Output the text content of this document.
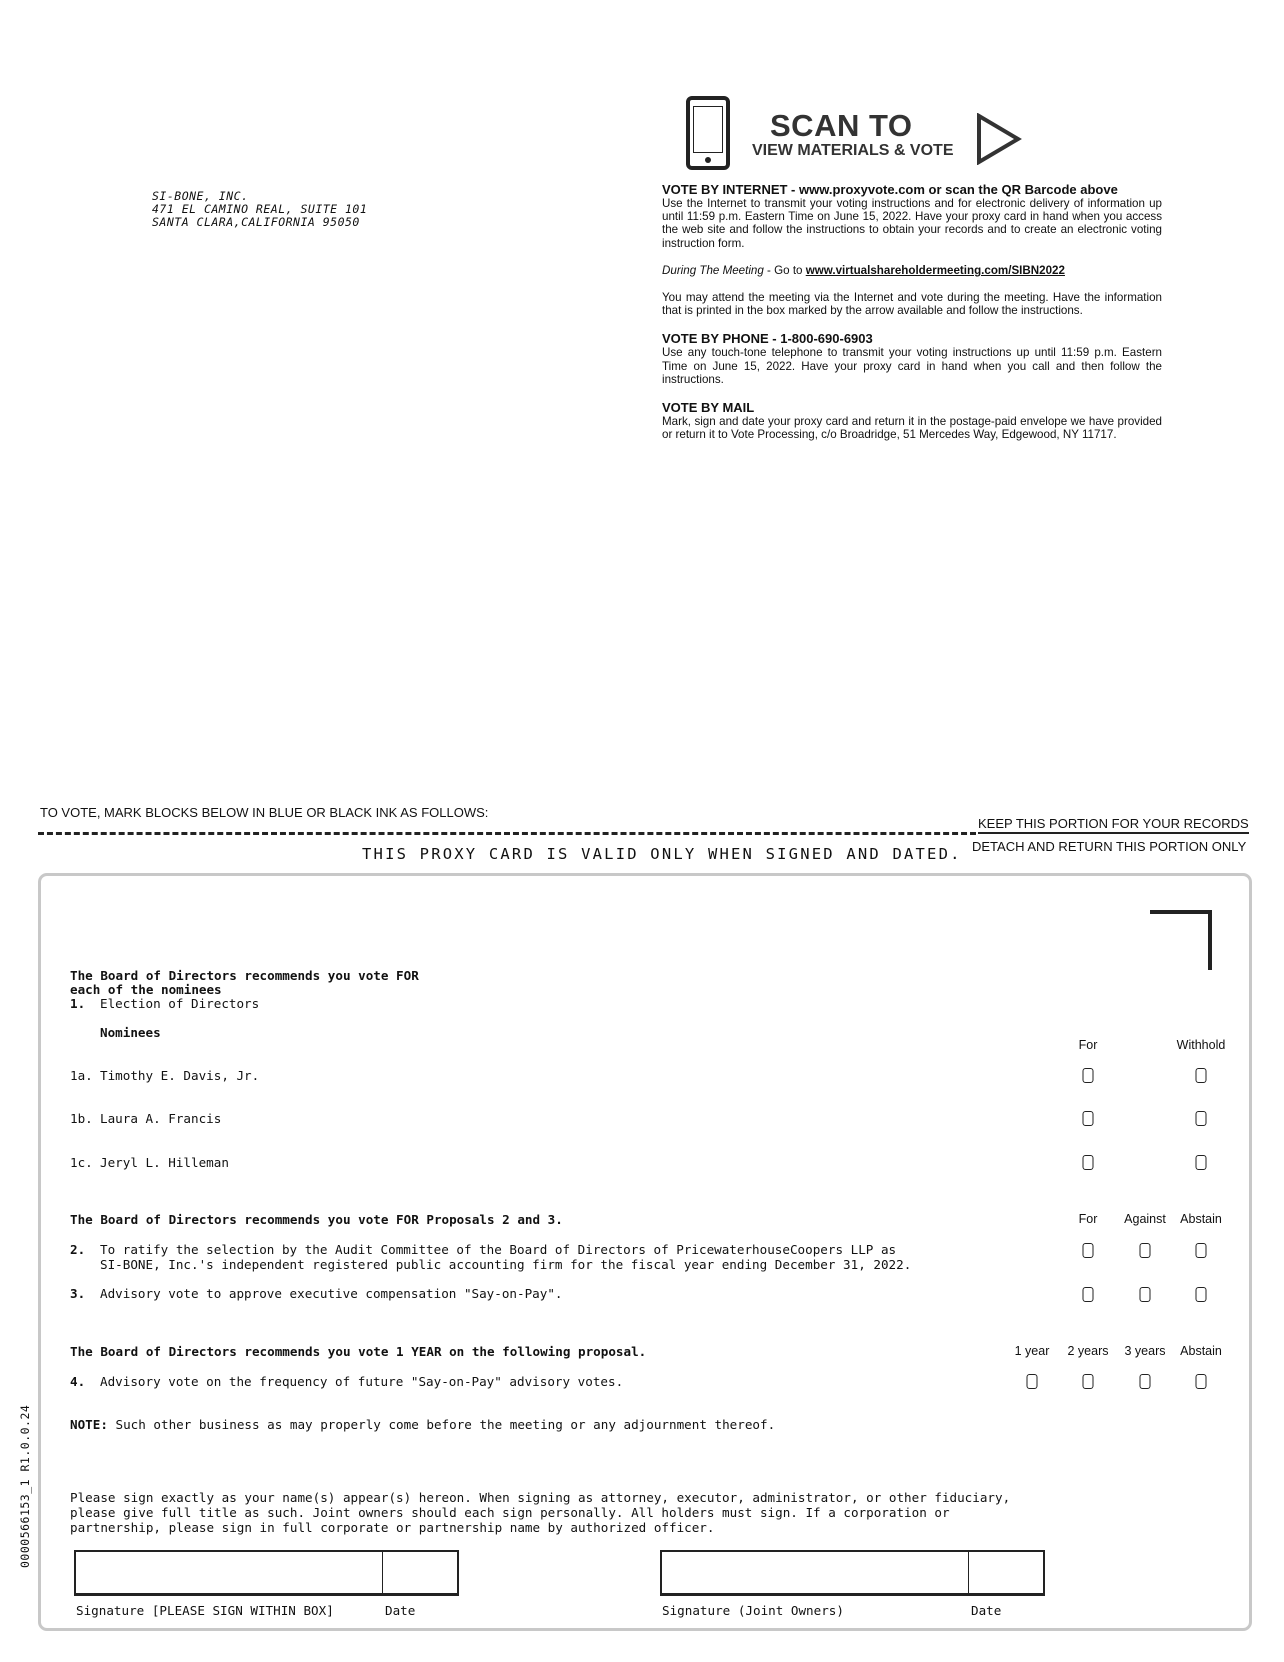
SI-BONE, INC.
471 EL CAMINO REAL, SUITE 101
SANTA CLARA,CALIFORNIA 95050
SCAN TO
VIEW MATERIALS & VOTE
VOTE BY INTERNET - www.proxyvote.com or scan the QR Barcode above

Use the Internet to transmit your voting instructions and for electronic delivery of information up until 11:59 p.m. Eastern Time on June 15, 2022. Have your proxy card in hand when you access the web site and follow the instructions to obtain your records and to create an electronic voting instruction form.

During The Meeting - Go to www.virtualshareholdermeeting.com/SIBN2022

You may attend the meeting via the Internet and vote during the meeting. Have the information that is printed in the box marked by the arrow available and follow the instructions.

VOTE BY PHONE - 1-800-690-6903

Use any touch-tone telephone to transmit your voting instructions up until 11:59 p.m. Eastern Time on June 15, 2022. Have your proxy card in hand when you call and then follow the instructions.

VOTE BY MAIL

Mark, sign and date your proxy card and return it in the postage-paid envelope we have provided or return it to Vote Processing, c/o Broadridge, 51 Mercedes Way, Edgewood, NY 11717.

TO VOTE, MARK BLOCKS BELOW IN BLUE OR BLACK INK AS FOLLOWS:
KEEP THIS PORTION FOR YOUR RECORDS
DETACH AND RETURN THIS PORTION ONLY
THIS PROXY CARD IS VALID ONLY WHEN SIGNED AND DATED.
The Board of Directors recommends you vote FOR
each of the nominees
1. Election of Directors
Nominees
For	Withhold
1a. Timothy E. Davis, Jr.
1b. Laura A. Francis
1c. Jeryl L. Hilleman
The Board of Directors recommends you vote FOR Proposals 2 and 3.	For Against Abstain
2. To ratify the selection by the Audit Committee of the Board of Directors of PricewaterhouseCoopers LLP as
SI-BONE, Inc.'s independent registered public accounting firm for the fiscal year ending December 31, 2022.
3. Advisory vote to approve executive compensation "Say-on-Pay".
The Board of Directors recommends you vote 1 YEAR on the following proposal.	1 year 2 years 3 years Abstain
4. Advisory vote on the frequency of future "Say-on-Pay" advisory votes.
NOTE: Such other business as may properly come before the meeting or any adjournment thereof.
Please sign exactly as your name(s) appear(s) hereon. When signing as attorney, executor, administrator, or other fiduciary,
please give full title as such. Joint owners should each sign personally. All holders must sign. If a corporation or
partnership, please sign in full corporate or partnership name by authorized officer.
Signature [PLEASE SIGN WITHIN BOX]	Date	Signature (Joint Owners)	Date
0000566153_1 R1.0.0.24
